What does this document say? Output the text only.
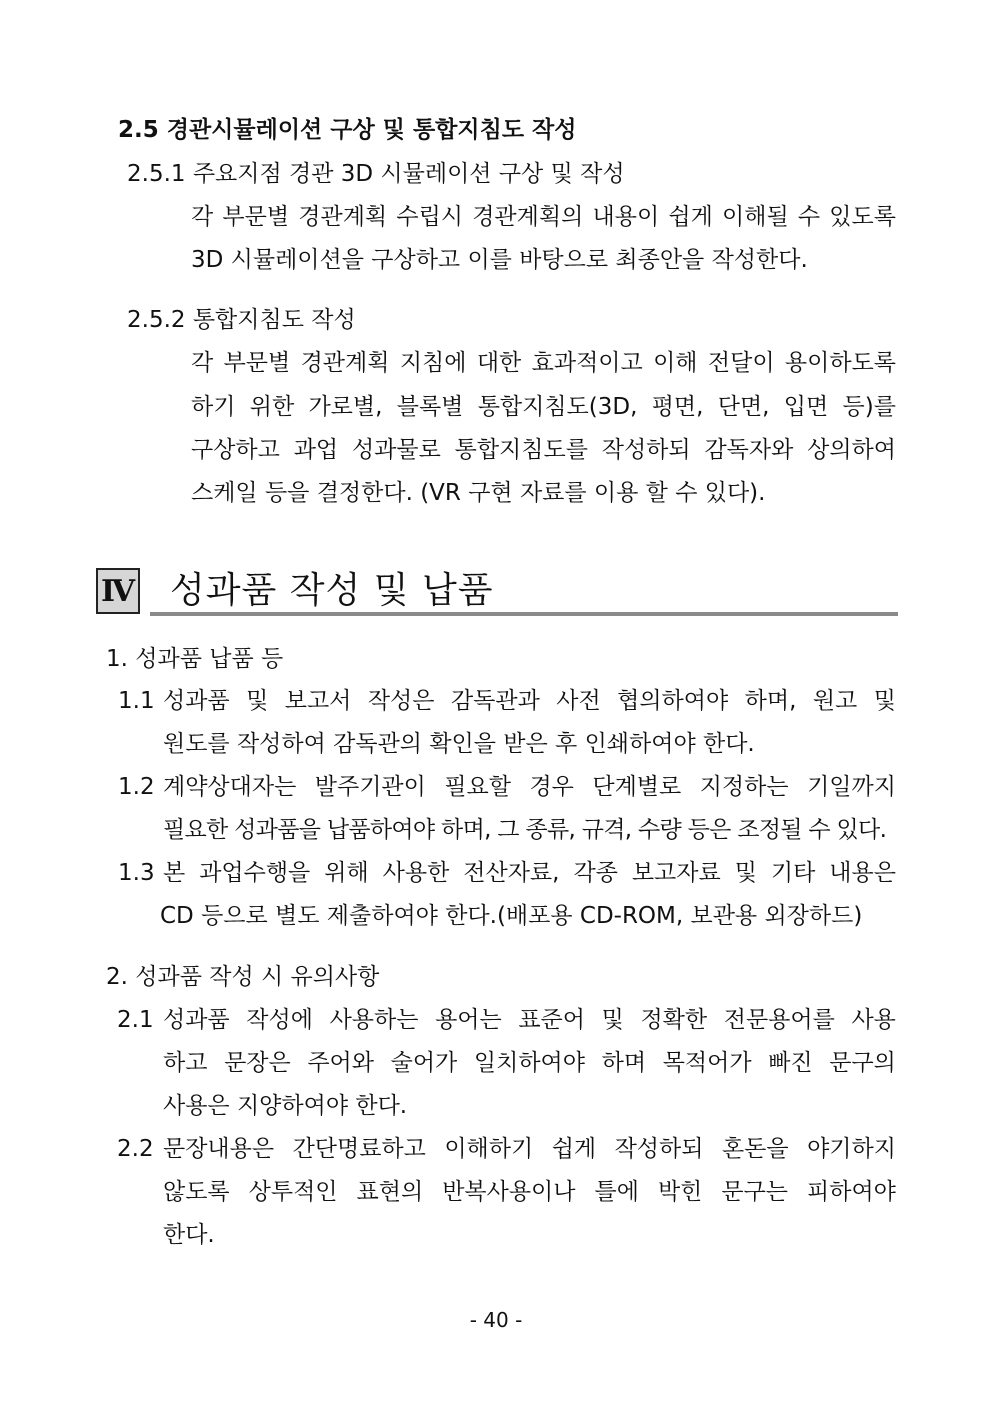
2.5 경관시뮬레이션 구상 및 통합지침도 작성
2.5.1 주요지점 경관 3D 시뮬레이션 구상 및 작성
각 부문별 경관계획 수립시 경관계획의 내용이 쉽게 이해될 수 있도록
3D 시뮬레이션을 구상하고 이를 바탕으로 최종안을 작성한다.
2.5.2 통합지침도 작성
각 부문별 경관계획 지침에 대한 효과적이고 이해 전달이 용이하도록
하기 위한 가로별, 블록별 통합지침도(3D, 평면, 단면, 입면 등)를
구상하고 과업 성과물로 통합지침도를 작성하되 감독자와 상의하여
스케일 등을 결정한다. (VR 구현 자료를 이용 할 수 있다).
Ⅳ 성과품 작성 및 납품
1. 성과품 납품 등
1.1 성과품 및 보고서 작성은 감독관과 사전 협의하여야 하며, 원고 및
원도를 작성하여 감독관의 확인을 받은 후 인쇄하여야 한다.
1.2 계약상대자는 발주기관이 필요할 경우 단계별로 지정하는 기일까지
필요한 성과품을 납품하여야 하며, 그 종류, 규격, 수량 등은 조정될 수 있다.
1.3 본 과업수행을 위해 사용한 전산자료, 각종 보고자료 및 기타 내용은
CD 등으로 별도 제출하여야 한다.(배포용 CD-ROM, 보관용 외장하드)
2. 성과품 작성 시 유의사항
2.1 성과품 작성에 사용하는 용어는 표준어 및 정확한 전문용어를 사용
하고 문장은 주어와 술어가 일치하여야 하며 목적어가 빠진 문구의
사용은 지양하여야 한다.
2.2 문장내용은 간단명료하고 이해하기 쉽게 작성하되 혼돈을 야기하지
않도록 상투적인 표현의 반복사용이나 틀에 박힌 문구는 피하여야
한다.
- 40 -
